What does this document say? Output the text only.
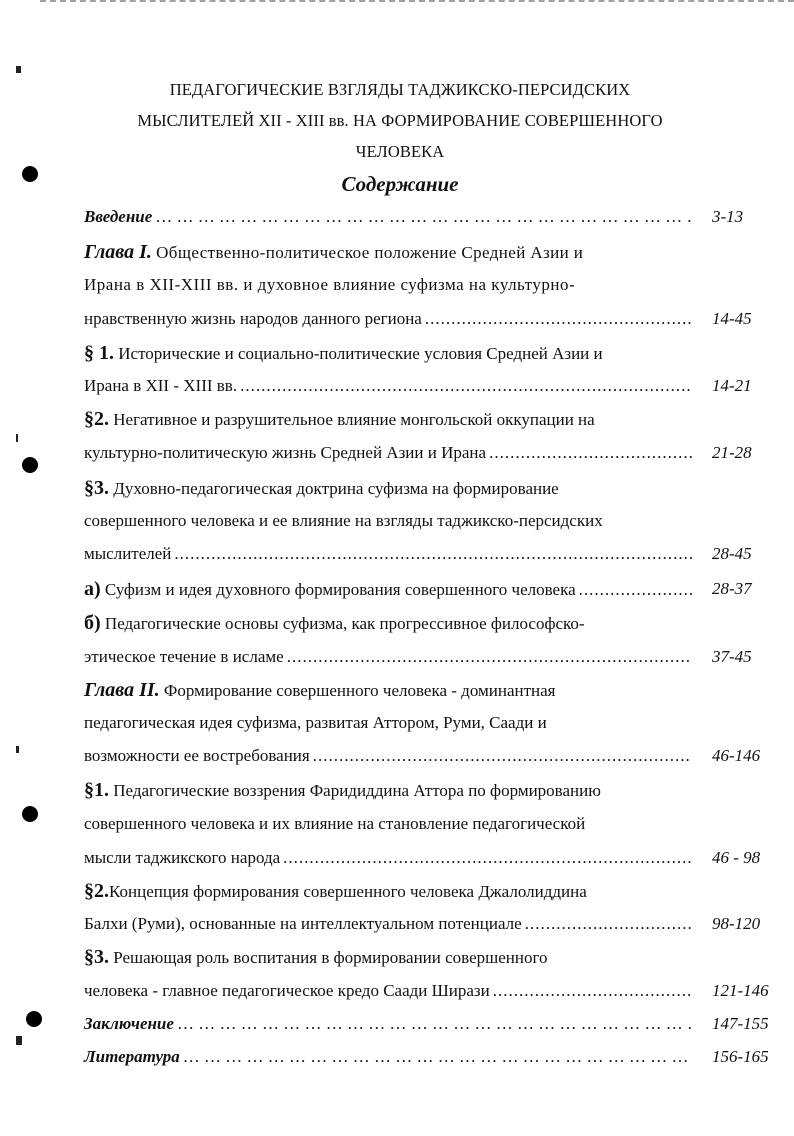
ПЕДАГОГИЧЕСКИЕ ВЗГЛЯДЫ ТАДЖИКСКО-ПЕРСИДСКИХ
МЫСЛИТЕЛЕЙ XII - XIII вв. НА ФОРМИРОВАНИЕ СОВЕРШЕННОГО
ЧЕЛОВЕКА
Содержание
Введение … … … … … … … … … … … … … … … … … … … … … … … … … … … … … … … … … … … … … … … … … … … … … … … … … … … … …	3-13
Глава I. Общественно-политическое положение Средней Азии и
Ирана в XII-XIII вв. и духовное влияние суфизма на культурно-
нравственную жизнь народов данного региона .....	14-45
§ 1. Исторические и социально-политические условия Средней Азии и
Ирана в XII - XIII вв. .....	14-21
§2. Негативное и разрушительное влияние монгольской оккупации на
культурно-политическую жизнь Средней Азии и Ирана .....	21-28
§3. Духовно-педагогическая доктрина суфизма на формирование
совершенного человека и ее влияние на взгляды таджикско-персидских
мыслителей .....	28-45
а) Суфизм и идея духовного формирования совершенного человека .....	28-37
б) Педагогические основы суфизма, как прогрессивное философско-
этическое течение в исламе .....	37-45
Глава II. Формирование совершенного человека - доминантная
педагогическая идея суфизма, развитая Аттором, Руми, Саади и
возможности ее востребования .....	46-146
§1. Педагогические воззрения Фаридиддина Аттора по формированию
совершенного человека и их влияние на становление педагогической
мысли таджикского народа .....	46 - 98
§2.Концепция формирования совершенного человека Джалолиддина
Балхи (Руми), основанные на интеллектуальном потенциале .....	98-120
§3. Решающая роль воспитания в формировании совершенного
человека - главное педагогическое кредо Саади Ширази .....	121-146
Заключение … … … … … … … … … … … … … … … … … … … … … … … … … … … … … … … … … … … … … … … … … … … … … … … … … … … … …	147-155
Литература … … … … … … … … … … … … … … … … … … … … … … … … … … … … … … … … … … … … … … … … … … … … … … … … … … … … …	156-165
